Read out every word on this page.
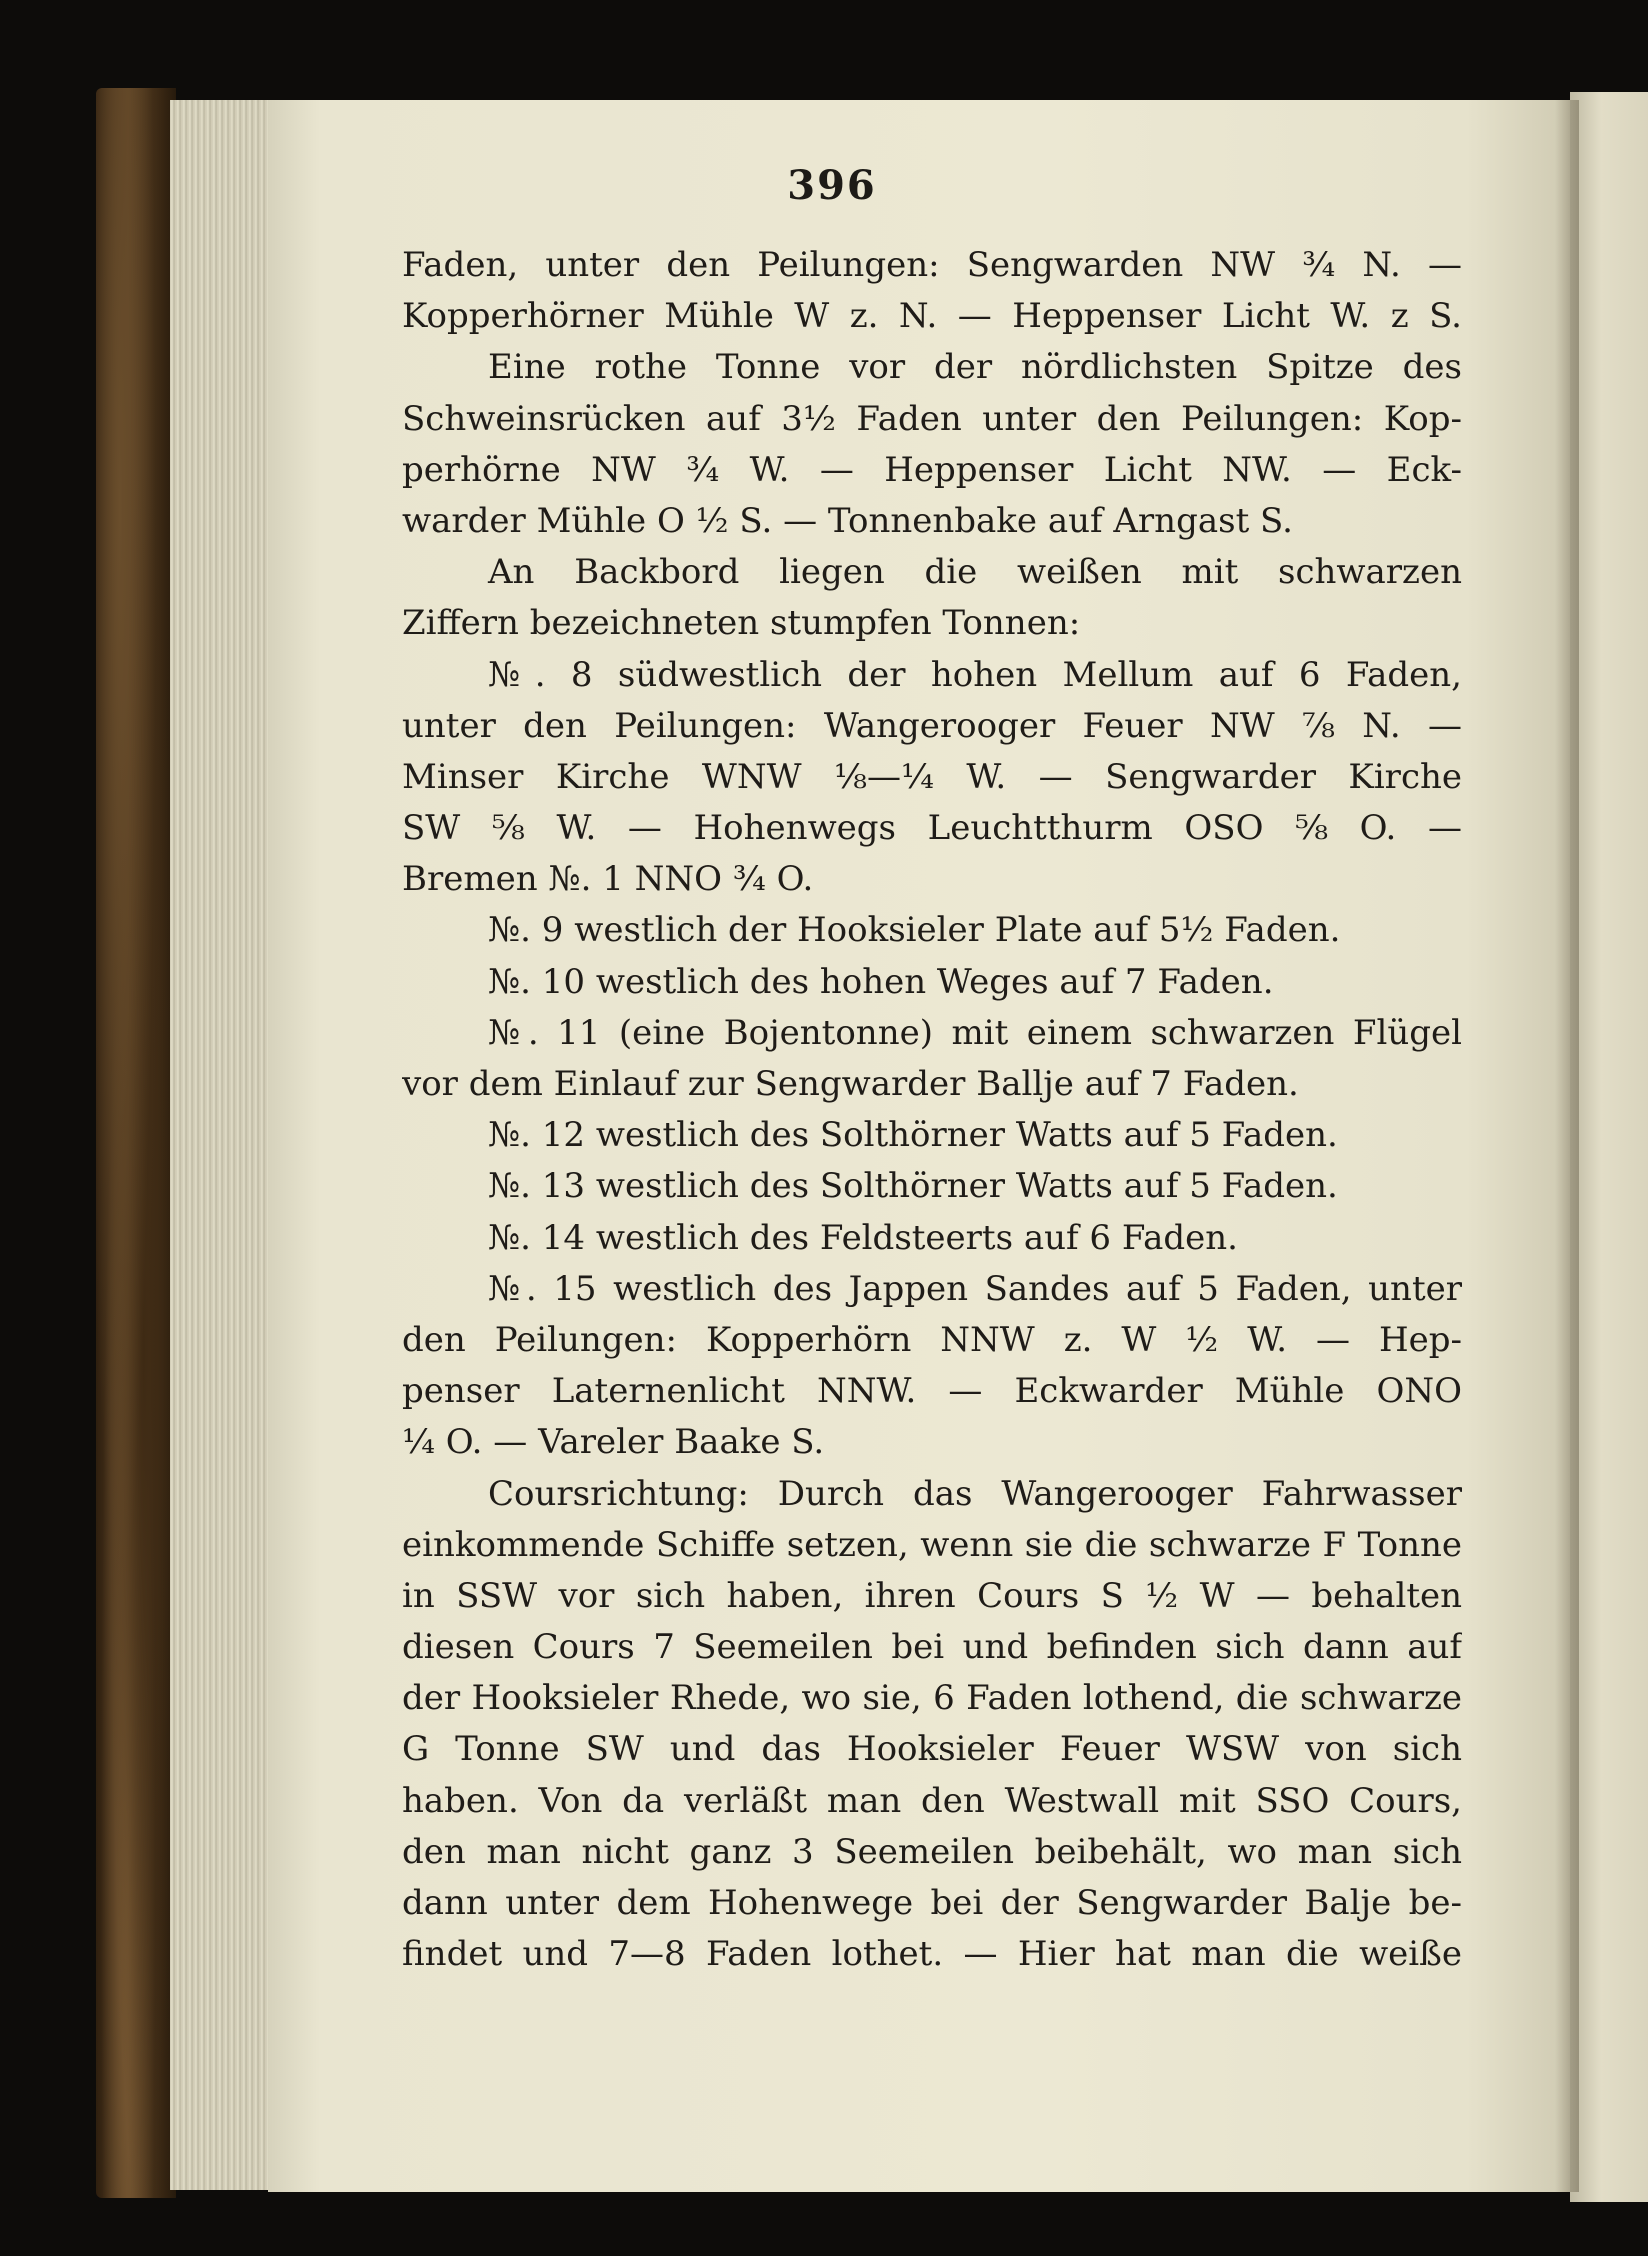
396
Faden, unter den Peilungen: Sengwarden NW ¾ N. —
Kopperhörner Mühle W z. N. — Heppenser Licht W. z S.
Eine rothe Tonne vor der nördlichsten Spitze des
Schweinsrücken auf 3½ Faden unter den Peilungen: Kop-
perhörne NW ¾ W. — Heppenser Licht NW. — Eck-
warder Mühle O ½ S. — Tonnenbake auf Arngast S.
An Backbord liegen die weißen mit schwarzen
Ziffern bezeichneten stumpfen Tonnen:
№. 8 südwestlich der hohen Mellum auf 6 Faden,
unter den Peilungen: Wangerooger Feuer NW ⅞ N. —
Minser Kirche WNW ⅛—¼ W. — Sengwarder Kirche
SW ⅝ W. — Hohenwegs Leuchtthurm OSO ⅝ O. —
Bremen №. 1 NNO ¾ O.
№. 9 westlich der Hooksieler Plate auf 5½ Faden.
№. 10 westlich des hohen Weges auf 7 Faden.
№. 11 (eine Bojentonne) mit einem schwarzen Flügel
vor dem Einlauf zur Sengwarder Ballje auf 7 Faden.
№. 12 westlich des Solthörner Watts auf 5 Faden.
№. 13 westlich des Solthörner Watts auf 5 Faden.
№. 14 westlich des Feldsteerts auf 6 Faden.
№. 15 westlich des Jappen Sandes auf 5 Faden, unter
den Peilungen: Kopperhörn NNW z. W ½ W. — Hep-
penser Laternenlicht NNW. — Eckwarder Mühle ONO
¼ O. — Vareler Baake S.
Coursrichtung: Durch das Wangerooger Fahrwasser
einkommende Schiffe setzen, wenn sie die schwarze F Tonne
in SSW vor sich haben, ihren Cours S ½ W — behalten
diesen Cours 7 Seemeilen bei und befinden sich dann auf
der Hooksieler Rhede, wo sie, 6 Faden lothend, die schwarze
G Tonne SW und das Hooksieler Feuer WSW von sich
haben. Von da verläßt man den Westwall mit SSO Cours,
den man nicht ganz 3 Seemeilen beibehält, wo man sich
dann unter dem Hohenwege bei der Sengwarder Balje be-
findet und 7—8 Faden lothet. — Hier hat man die weiße
